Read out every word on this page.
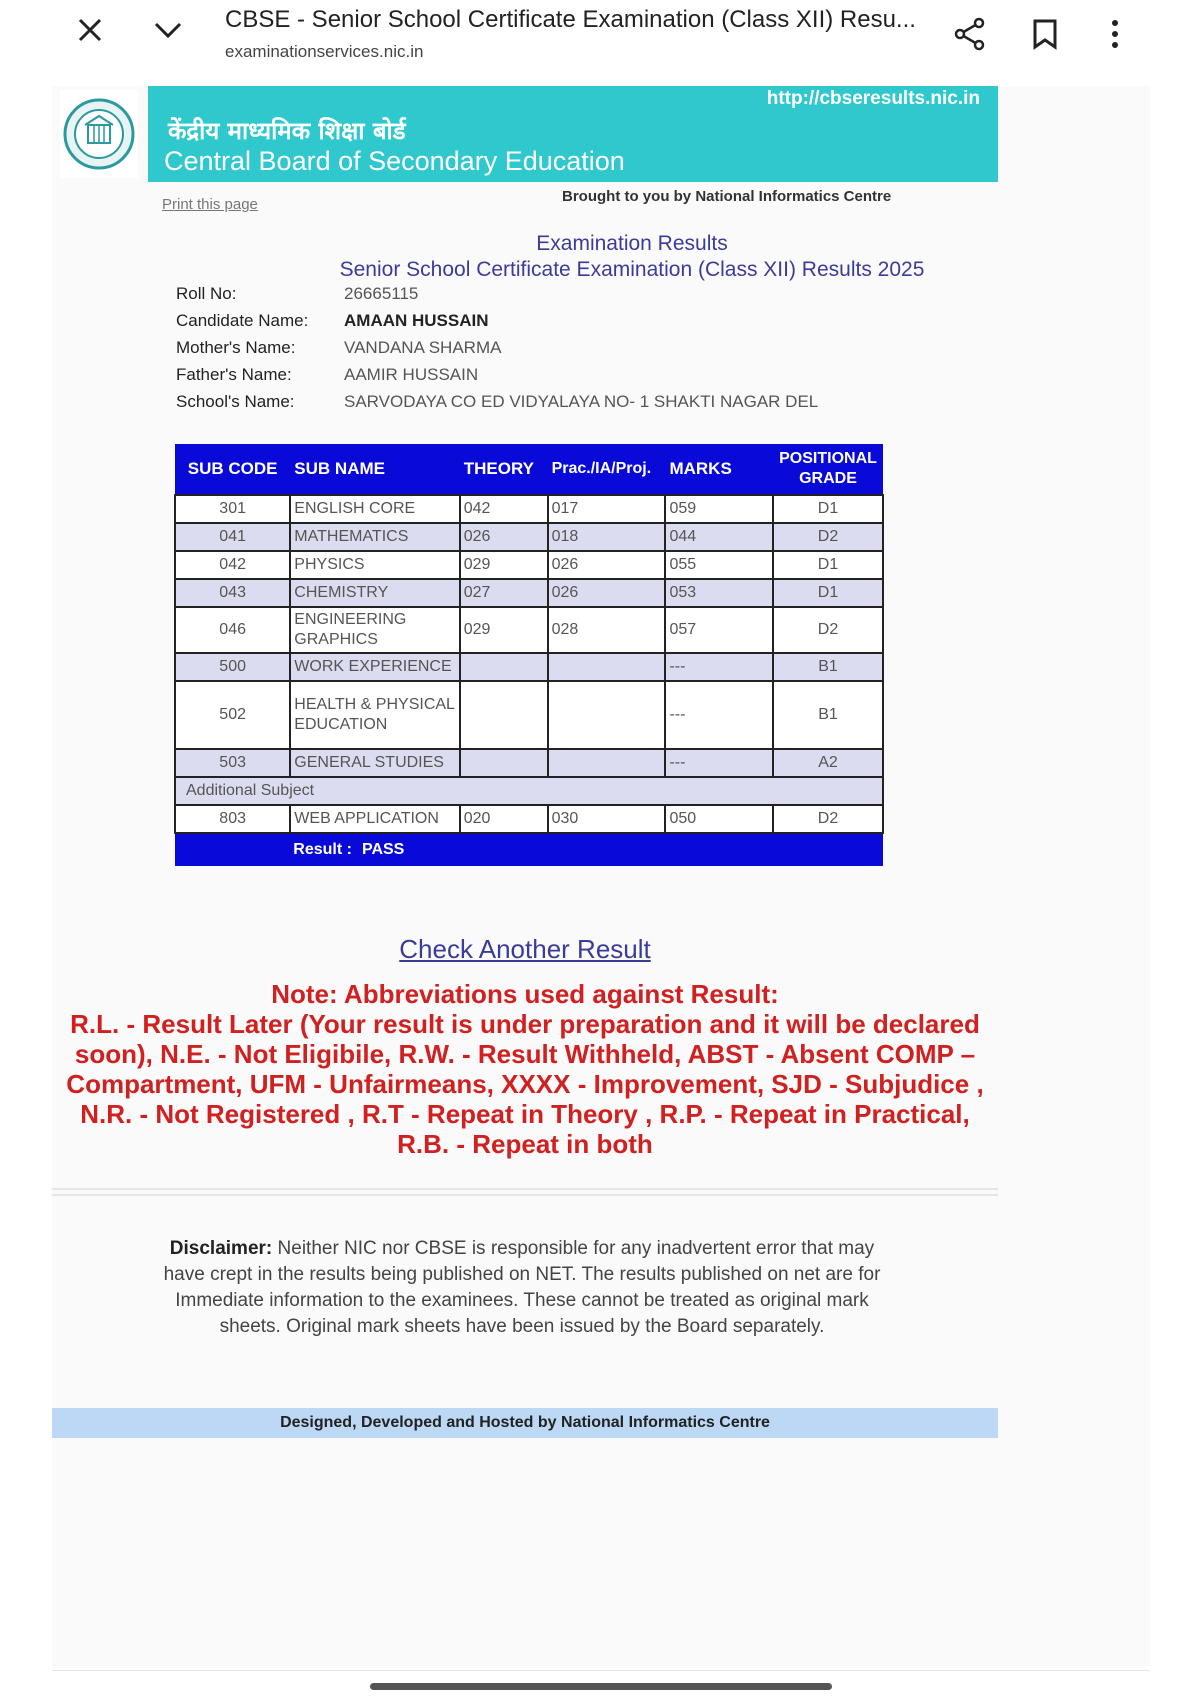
CBSE - Senior School Certificate Examination (Class XII) Resu...
examinationservices.nic.in
http://cbseresults.nic.in
केंद्रीय माध्यमिक शिक्षा बोर्ड
Central Board of Secondary Education
Print this page	Brought to you by National Informatics Centre
Examination Results
Senior School Certificate Examination (Class XII) Results 2025
Roll No:	26665115
Candidate Name:	AMAAN HUSSAIN
Mother's Name:	VANDANA SHARMA
Father's Name:	AAMIR HUSSAIN
School's Name:	SARVODAYA CO ED VIDYALAYA NO- 1 SHAKTI NAGAR DEL
SUB CODE	SUB NAME	THEORY	Prac./IA/Proj.	MARKS	POSITIONAL GRADE
301	ENGLISH CORE	042	017	059	D1
041	MATHEMATICS	026	018	044	D2
042	PHYSICS	029	026	055	D1
043	CHEMISTRY	027	026	053	D1
046	ENGINEERING GRAPHICS	029	028	057	D2
500	WORK EXPERIENCE			---	B1
502	HEALTH & PHYSICAL EDUCATION			---	B1
503	GENERAL STUDIES			---	A2
Additional Subject					
803	WEB APPLICATION	020	030	050	D2
	Result : PASS				
Check Another Result
Note: Abbreviations used against Result:
R.L. - Result Later (Your result is under preparation and it will be declared soon), N.E. - Not Eligibile, R.W. - Result Withheld, ABST - Absent COMP – Compartment, UFM - Unfairmeans, XXXX - Improvement, SJD - Subjudice , N.R. - Not Registered , R.T - Repeat in Theory , R.P. - Repeat in Practical, R.B. - Repeat in both
Disclaimer: Neither NIC nor CBSE is responsible for any inadvertent error that may have crept in the results being published on NET. The results published on net are for Immediate information to the examinees. These cannot be treated as original mark sheets. Original mark sheets have been issued by the Board separately.
Designed, Developed and Hosted by National Informatics Centre
